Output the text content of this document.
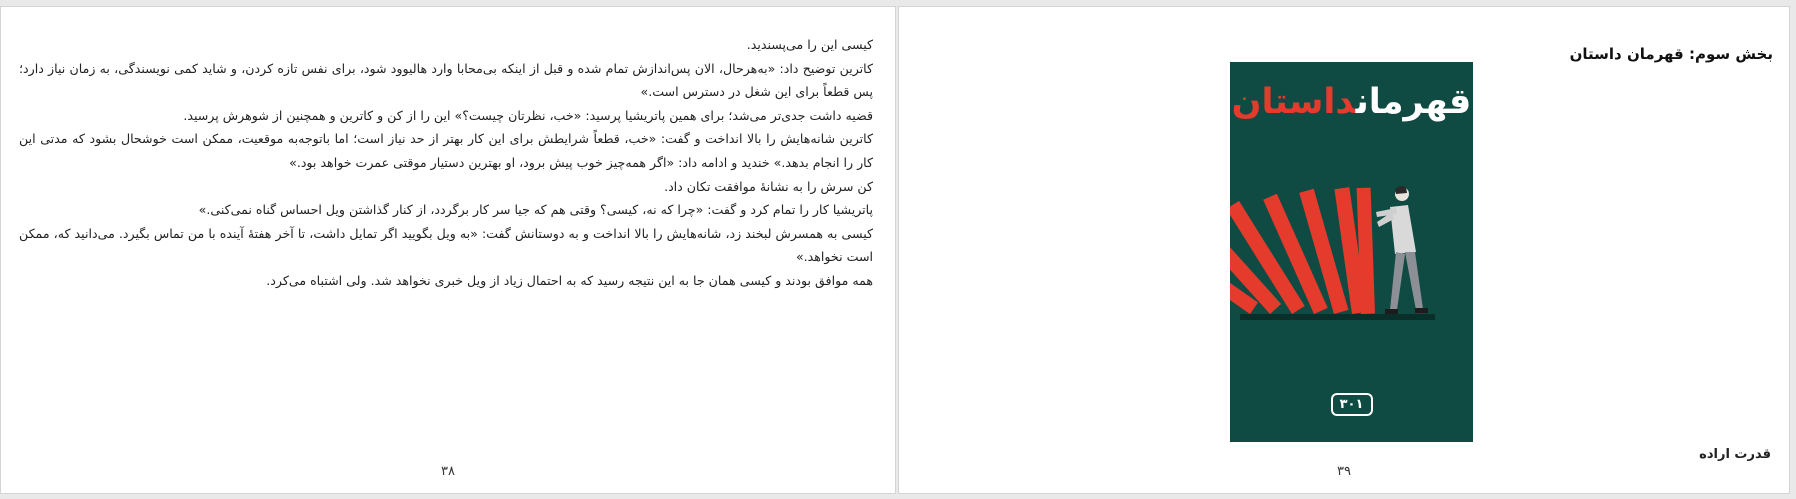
کیسی این را می‌پسندید.

کاترین توضیح داد: «به‌هرحال، الان پس‌اندازش تمام شده و قبل از اینکه بی‌محابا وارد هالیوود شود، برای نفس تازه کردن، و شاید کمی نویسندگی، به زمان نیاز دارد؛ پس قطعاً برای این شغل در دسترس است.»

قضیه داشت جدی‌تر می‌شد؛ برای همین پاتریشیا پرسید: «خب، نظرتان چیست؟» این را از کن و کاترین و همچنین از شوهرش پرسید.

کاترین شانه‌هایش را بالا انداخت و گفت: «خب، قطعاً شرایطش برای این کار بهتر از حد نیاز است؛ اما باتوجه‌به موقعیت، ممکن است خوشحال بشود که مدتی این کار را انجام بدهد.» خندید و ادامه داد: «اگر همه‌چیز خوب پیش برود، او بهترین دستیار موقتی عمرت خواهد بود.»

کن سرش را به نشانهٔ موافقت تکان داد.

پاتریشیا کار را تمام کرد و گفت: «چرا که نه، کیسی؟ وقتی هم که جیا سر کار برگردد، از کنار گذاشتن ویل احساس گناه نمی‌کنی.»

کیسی به همسرش لبخند زد، شانه‌هایش را بالا انداخت و به دوستانش گفت: «به ویل بگویید اگر تمایل داشت، تا آخر هفتهٔ آینده با من تماس بگیرد. می‌دانید که، ممکن است نخواهد.»

همه موافق بودند و کیسی همان جا به این نتیجه رسید که به احتمال زیاد از ویل خبری نخواهد شد. ولی اشتباه می‌کرد.

۳۸
بخش سوم: قهرمان داستان
قهرمانداستان
۳۰۱
قدرت اراده
۳۹
